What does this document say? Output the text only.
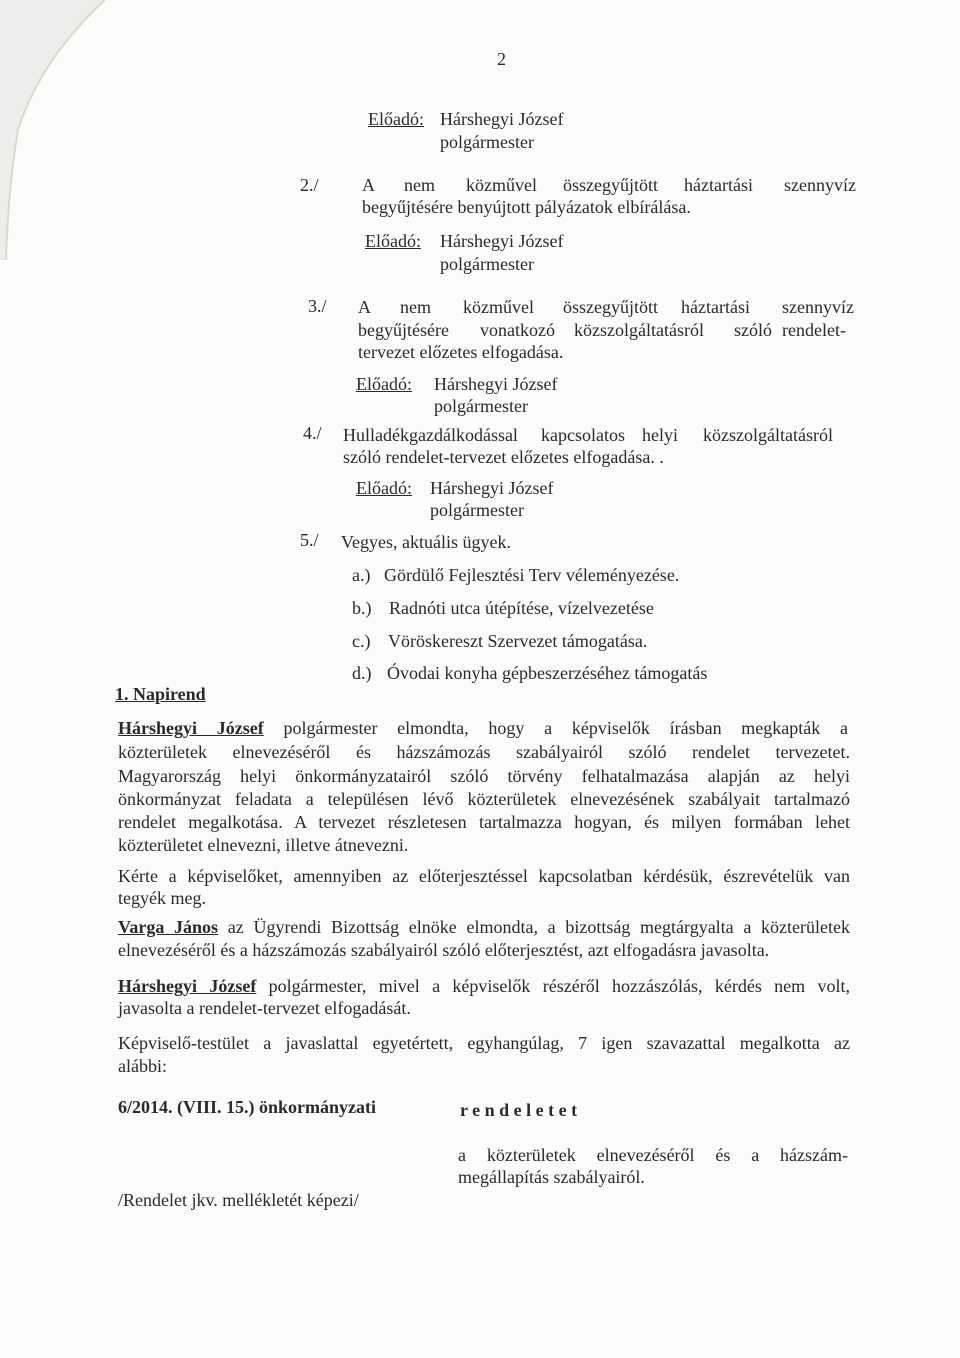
2
Előadó: Hárshegyi József
polgármester
2./ A nem közművel összegyűjtött háztartási szennyvíz
begyűjtésére benyújtott pályázatok elbírálása.
Előadó: Hárshegyi József
polgármester
3./ A nem közművel összegyűjtött háztartási szennyvíz
begyűjtésére vonatkozó közszolgáltatásról szóló rendelet-
tervezet előzetes elfogadása.
Előadó: Hárshegyi József
polgármester
4./ Hulladékgazdálkodással kapcsolatos helyi közszolgáltatásról
szóló rendelet-tervezet előzetes elfogadása. .
Előadó: Hárshegyi József
polgármester
5./ Vegyes, aktuális ügyek.
a.) Gördülő Fejlesztési Terv véleményezése.
b.) Radnóti utca útépítése, vízelvezetése
c.) Vöröskereszt Szervezet támogatása.
d.) Óvodai konyha gépbeszerzéséhez támogatás
1. Napirend
Hárshegyi József polgármester elmondta, hogy a képviselők írásban megkapták a
közterületek elnevezéséről és házszámozás szabályairól szóló rendelet tervezetet.
Magyarország helyi önkormányzatairól szóló törvény felhatalmazása alapján az helyi
önkormányzat feladata a településen lévő közterületek elnevezésének szabályait tartalmazó
rendelet megalkotása. A tervezet részletesen tartalmazza hogyan, és milyen formában lehet
közterületet elnevezni, illetve átnevezni.
Kérte a képviselőket, amennyiben az előterjesztéssel kapcsolatban kérdésük, észrevételük van
tegyék meg.
Varga János az Ügyrendi Bizottság elnöke elmondta, a bizottság megtárgyalta a közterületek
elnevezéséről és a házszámozás szabályairól szóló előterjesztést, azt elfogadásra javasolta.
Hárshegyi József polgármester, mivel a képviselők részéről hozzászólás, kérdés nem volt,
javasolta a rendelet-tervezet elfogadását.
Képviselő-testület a javaslattal egyetértett, egyhangúlag, 7 igen szavazattal megalkotta az
alábbi:
6/2014. (VIII. 15.) önkormányzati	r e n d e l e t e t
a közterületek elnevezéséről és a házszám-
megállapítás szabályairól.
/Rendelet jkv. mellékletét képezi/
